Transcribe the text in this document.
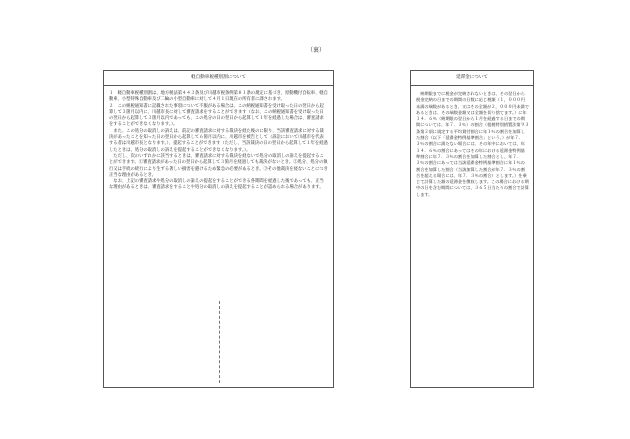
（裏）
軽自動車税種別割について

１　軽自動車税種別割は、地方税法第４４３条及び川越市税条例第８１条の規定に基づき、原動機付自転車、軽自動車、小型特殊自動車及び二輪の小型自動車に対して４月１日現在の所有者に課されます。

２　この納税通知書に記載された事項について不服がある場合は、この納税通知書を受け取った日の翌日から起算して３箇月以内に、川越市長に対して審査請求をすることができます（なお、この納税通知書を受け取った日の翌日から起算して３箇月以内であっても、この処分の日の翌日から起算して１年を経過した場合は、審査請求をすることができなくなります。）。

　また、この処分の取消しの訴えは、前記の審査請求に対する裁決を経た後のに限り、当該審査請求に対する裁決があったことを知った日の翌日から起算して６箇月以内に、川越市を被告として（訴訟において川越市を代表する者は川越市長となります。）、提起することができます（ただし、当該裁決の日の翌日から起算して１年を経過したときは、処分の取消しの訴えを提起することができなくなります。）。

　ただし、次のいずれかに該当するときは、審査請求に対する裁決を経ないで処分の取消しの訴えを提起することができます。①審査請求があった日の翌日から起算して３箇月を経過しても裁決がないとき。②処分、処分の執行又は手続の続行により生ずる著しい損害を避けるため緊急の必要があるとき。③その他裁決を経ないことにつき正当な理由があるとき。

　なお、上記の審査請求や処分の取消しの訴えの提起をすることができる各期間を経過した後であっても、正当な理由があるときは、審査請求をすることや処分の取消しの訴えを提起することが認められる場合があります。

延滞金について

　納期限までに税金が完納されないときは、その翌日から税金完納の日までの期間の日数に応じ税額（１，０００円未満の端数があるとき、又はその全額が２，０００円未満であるときは、その端数金額又は全額を切り捨てます。）に年１４．６％（納期限の翌日から１月を経過する日までの期間については、年７．３％）の割合（租税特別措置法第９３条第２項に規定する平均貸付割合に年１％の割合を加算した割合（以下「延滞金特例基準割合」という。）が年７．３％の割合に満たない場合には、その年中においては、年１４．６％の割合にあってはその年における延滞金特例基準割合に年７．３％の割合を加算した割合とし、年７．３％の割合にあっては当該延滞金特例基準割合に年１％の割合を加算した割合（当該加算した割合が年７．３％の割合を超える場合には、年７．３％の割合）とします。）を乗じて計算した額の延滞金を徴収します。この場合における期中の日を含む期間については、３６５日当たりの割合で計算します。
